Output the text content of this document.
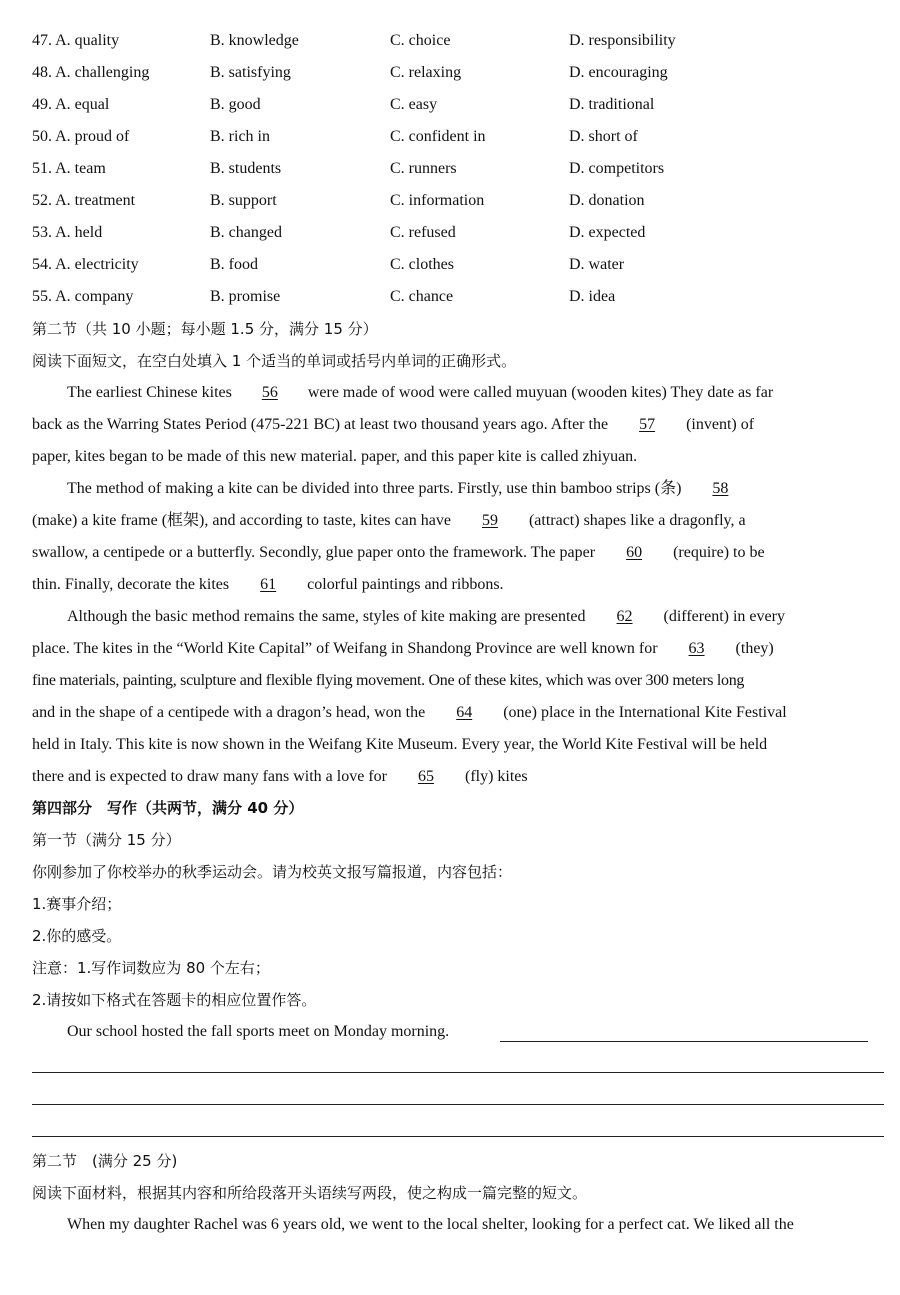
47. A. quality	B. knowledge	C. choice	D. responsibility
48. A. challenging	B. satisfying	C. relaxing	D. encouraging
49. A. equal	B. good	C. easy	D. traditional
50. A. proud of	B. rich in	C. confident in	D. short of
51. A. team	B. students	C. runners	D. competitors
52. A. treatment	B. support	C. information	D. donation
53. A. held	B. changed	C. refused	D. expected
54. A. electricity	B. food	C. clothes	D. water
55. A. company	B. promise	C. chance	D. idea
第二节（共 10 小题；每小题 1.5 分，满分 15 分）
阅读下面短文，在空白处填入 1 个适当的单词或括号内单词的正确形式。
The earliest Chinese kites 56 were made of wood were called muyuan (wooden kites) They date as far
back as the Warring States Period (475-221 BC) at least two thousand years ago. After the 57 (invent) of
paper, kites began to be made of this new material. paper, and this paper kite is called zhiyuan.
The method of making a kite can be divided into three parts. Firstly, use thin bamboo strips (条) 58
(make) a kite frame (框架), and according to taste, kites can have 59 (attract) shapes like a dragonfly, a
swallow, a centipede or a butterfly. Secondly, glue paper onto the framework. The paper 60 (require) to be
thin. Finally, decorate the kites 61 colorful paintings and ribbons.
Although the basic method remains the same, styles of kite making are presented 62 (different) in every
place. The kites in the “World Kite Capital” of Weifang in Shandong Province are well known for 63 (they)
fine materials, painting, sculpture and flexible flying movement. One of these kites, which was over 300 meters long
and in the shape of a centipede with a dragon’s head, won the 64 (one) place in the International Kite Festival
held in Italy. This kite is now shown in the Weifang Kite Museum. Every year, the World Kite Festival will be held
there and is expected to draw many fans with a love for 65 (fly) kites
第四部分　写作（共两节，满分 40 分）
第一节（满分 15 分）
你刚参加了你校举办的秋季运动会。请为校英文报写篇报道，内容包括：
1.赛事介绍；
2.你的感受。
注意：1.写作词数应为 80 个左右；
2.请按如下格式在答题卡的相应位置作答。
Our school hosted the fall sports meet on Monday morning.
第二节　(满分 25 分)
阅读下面材料，根据其内容和所给段落开头语续写两段，使之构成一篇完整的短文。
When my daughter Rachel was 6 years old, we went to the local shelter, looking for a perfect cat. We liked all the
